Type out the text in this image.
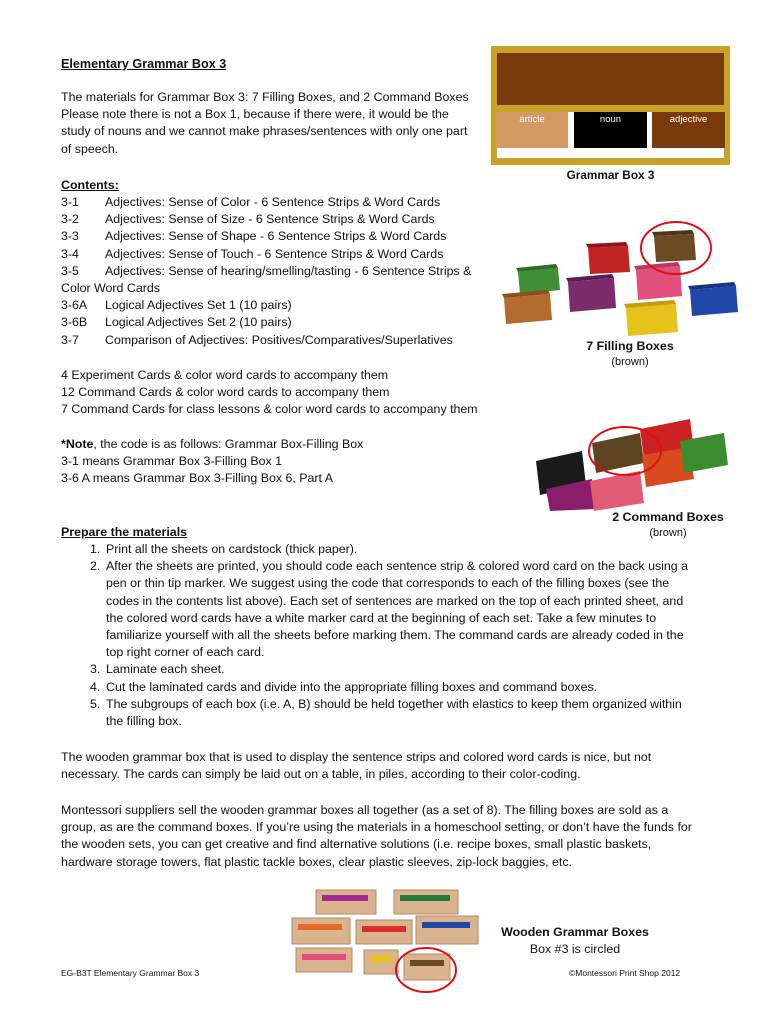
Elementary Grammar Box 3
The materials for Grammar Box 3: 7 Filling Boxes, and 2 Command Boxes Please note there is not a Box 1, because if there were, it would be the study of nouns and we cannot make phrases/sentences with only one part of speech.
Contents:
3-1	Adjectives: Sense of Color - 6 Sentence Strips & Word Cards
3-2	Adjectives: Sense of Size - 6 Sentence Strips & Word Cards
3-3	Adjectives: Sense of Shape - 6 Sentence Strips & Word Cards
3-4	Adjectives: Sense of Touch - 6 Sentence Strips & Word Cards
3-5	Adjectives: Sense of hearing/smelling/tasting - 6 Sentence Strips &
Color Word Cards
3-6A	Logical Adjectives Set 1 (10 pairs)
3-6B	Logical Adjectives Set 2 (10 pairs)
3-7	Comparison of Adjectives: Positives/Comparatives/Superlatives
4 Experiment Cards & color word cards to accompany them
12 Command Cards & color word cards to accompany them
7 Command Cards for class lessons & color word cards to accompany them
*Note, the code is as follows: Grammar Box-Filling Box
3-1 means Grammar Box 3-Filling Box 1
3-6 A means Grammar Box 3-Filling Box 6, Part A
Prepare the materials
1. Print all the sheets on cardstock (thick paper).
2. After the sheets are printed, you should code each sentence strip & colored word card on the back using a pen or thin tip marker. We suggest using the code that corresponds to each of the filling boxes (see the codes in the contents list above). Each set of sentences are marked on the top of each printed sheet, and the colored word cards have a white marker card at the beginning of each set. Take a few minutes to familiarize yourself with all the sheets before marking them. The command cards are already coded in the top right corner of each card.
3. Laminate each sheet.
4. Cut the laminated cards and divide into the appropriate filling boxes and command boxes.
5. The subgroups of each box (i.e. A, B) should be held together with elastics to keep them organized within the filling box.
The wooden grammar box that is used to display the sentence strips and colored word cards is nice, but not necessary. The cards can simply be laid out on a table, in piles, according to their color-coding.
Montessori suppliers sell the wooden grammar boxes all together (as a set of 8). The filling boxes are sold as a group, as are the command boxes. If you’re using the materials in a homeschool setting, or don’t have the funds for the wooden sets, you can get creative and find alternative solutions (i.e. recipe boxes, small plastic baskets, hardware storage towers, flat plastic tackle boxes, clear plastic sleeves, zip-lock baggies, etc.
article	noun	adjective
Grammar Box 3
7 Filling Boxes
(brown)
2 Command Boxes
(brown)
Wooden Grammar Boxes
Box #3 is circled
EG-B3T Elementary Grammar Box 3	©Montessori Print Shop 2012
